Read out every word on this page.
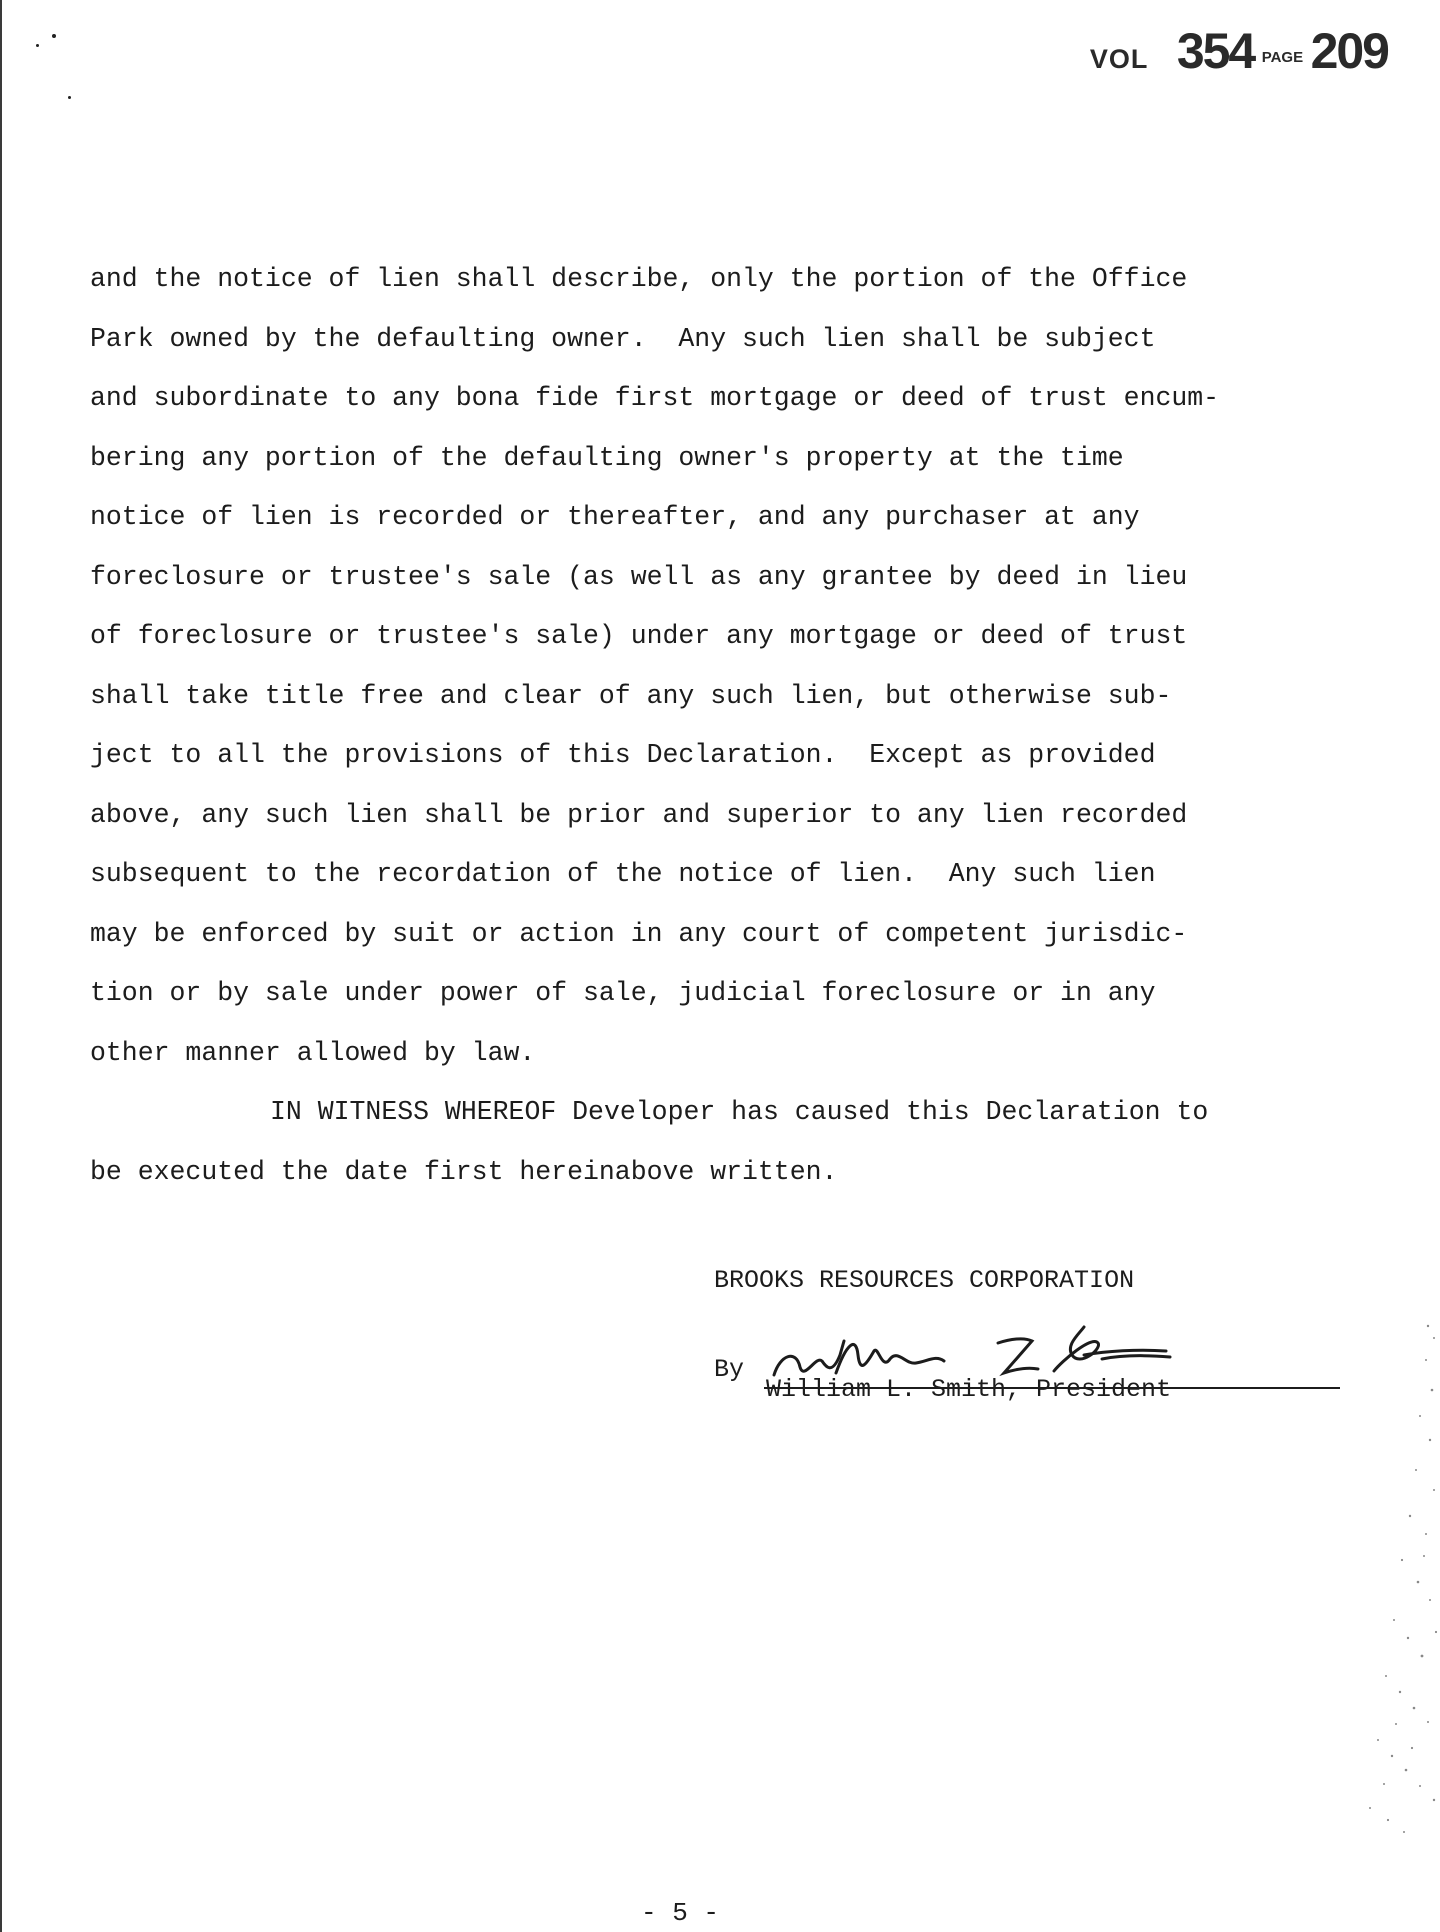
VOL 354 PAGE 209
and the notice of lien shall describe, only the portion of the Office
Park owned by the defaulting owner.  Any such lien shall be subject
and subordinate to any bona fide first mortgage or deed of trust encum-
bering any portion of the defaulting owner's property at the time
notice of lien is recorded or thereafter, and any purchaser at any
foreclosure or trustee's sale (as well as any grantee by deed in lieu
of foreclosure or trustee's sale) under any mortgage or deed of trust
shall take title free and clear of any such lien, but otherwise sub-
ject to all the provisions of this Declaration.  Except as provided
above, any such lien shall be prior and superior to any lien recorded
subsequent to the recordation of the notice of lien.  Any such lien
may be enforced by suit or action in any court of competent jurisdic-
tion or by sale under power of sale, judicial foreclosure or in any
other manner allowed by law.
IN WITNESS WHEREOF Developer has caused this Declaration to
be executed the date first hereinabove written.
BROOKS RESOURCES CORPORATION
By
William L. Smith, President
- 5 -
